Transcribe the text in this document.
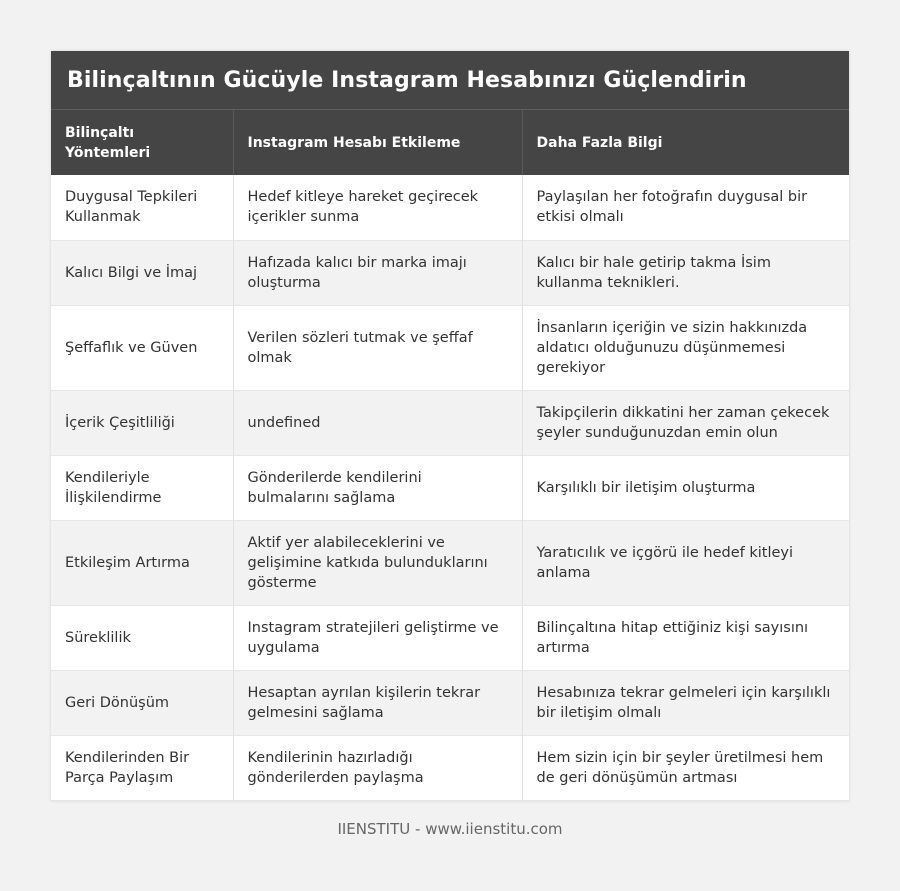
Bilinçaltının Gücüyle Instagram Hesabınızı Güçlendirin
Bilinçaltı Yöntemleri	Instagram Hesabı Etkileme	Daha Fazla Bilgi
Duygusal Tepkileri Kullanmak	Hedef kitleye hareket geçirecek içerikler sunma	Paylaşılan her fotoğrafın duygusal bir etkisi olmalı
Kalıcı Bilgi ve İmaj	Hafızada kalıcı bir marka imajı oluşturma	Kalıcı bir hale getirip takma İsim kullanma teknikleri.
Şeffaflık ve Güven	Verilen sözleri tutmak ve şeffaf olmak	İnsanların içeriğin ve sizin hakkınızda aldatıcı olduğunuzu düşünmemesi gerekiyor
İçerik Çeşitliliği	undefined	Takipçilerin dikkatini her zaman çekecek şeyler sunduğunuzdan emin olun
Kendileriyle İlişkilendirme	Gönderilerde kendilerini bulmalarını sağlama	Karşılıklı bir iletişim oluşturma
Etkileşim Artırma	Aktif yer alabileceklerini ve gelişimine katkıda bulunduklarını gösterme	Yaratıcılık ve içgörü ile hedef kitleyi anlama
Süreklilik	Instagram stratejileri geliştirme ve uygulama	Bilinçaltına hitap ettiğiniz kişi sayısını artırma
Geri Dönüşüm	Hesaptan ayrılan kişilerin tekrar gelmesini sağlama	Hesabınıza tekrar gelmeleri için karşılıklı bir iletişim olmalı
Kendilerinden Bir Parça Paylaşım	Kendilerinin hazırladığı gönderilerden paylaşma	Hem sizin için bir şeyler üretilmesi hem de geri dönüşümün artması
IIENSTITU - www.iienstitu.com
